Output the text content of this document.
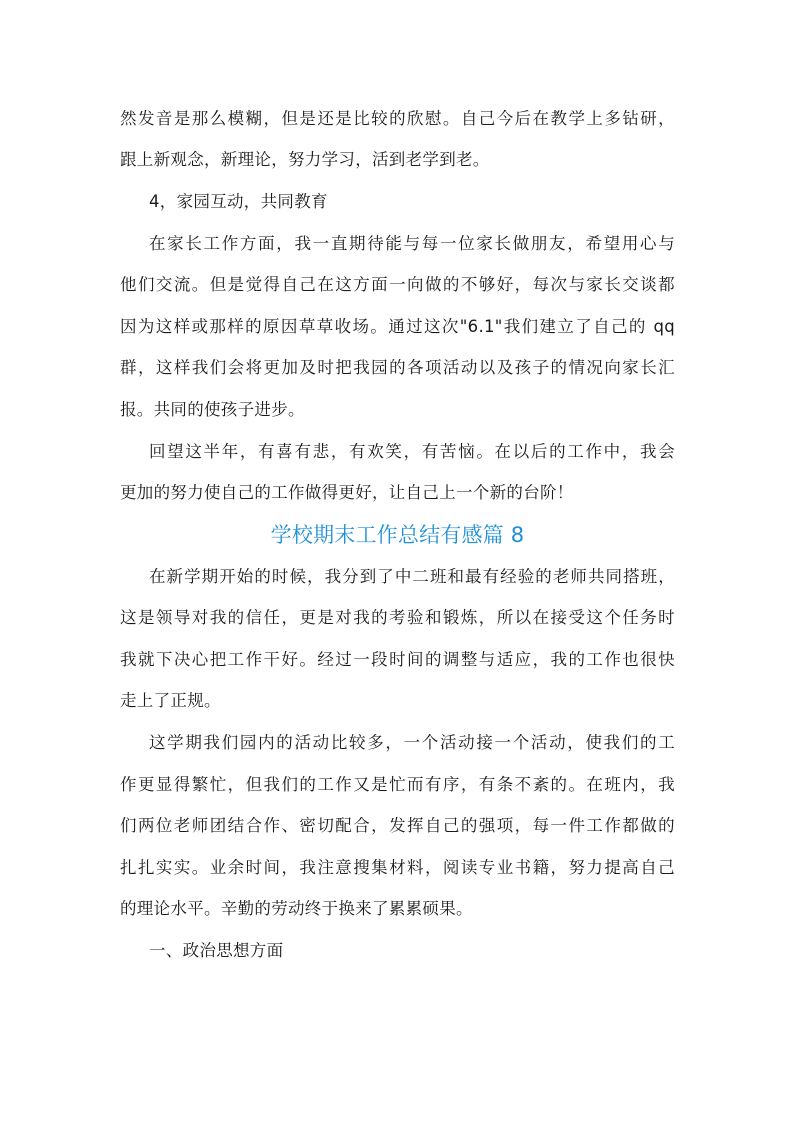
然发音是那么模糊，但是还是比较的欣慰。自己今后在教学上多钻研，
跟上新观念，新理论，努力学习，活到老学到老。
4，家园互动，共同教育
在家长工作方面，我一直期待能与每一位家长做朋友，希望用心与
他们交流。但是觉得自己在这方面一向做的不够好，每次与家长交谈都
因为这样或那样的原因草草收场。通过这次"6.1"我们建立了自己的 qq
群，这样我们会将更加及时把我园的各项活动以及孩子的情况向家长汇
报。共同的使孩子进步。
回望这半年，有喜有悲，有欢笑，有苦恼。在以后的工作中，我会
更加的努力使自己的工作做得更好，让自己上一个新的台阶！
学校期末工作总结有感篇 8
在新学期开始的时候，我分到了中二班和最有经验的老师共同搭班，
这是领导对我的信任，更是对我的考验和锻炼，所以在接受这个任务时
我就下决心把工作干好。经过一段时间的调整与适应，我的工作也很快
走上了正规。
这学期我们园内的活动比较多，一个活动接一个活动，使我们的工
作更显得繁忙，但我们的工作又是忙而有序，有条不紊的。在班内，我
们两位老师团结合作、密切配合，发挥自己的强项，每一件工作都做的
扎扎实实。业余时间，我注意搜集材料，阅读专业书籍，努力提高自己
的理论水平。辛勤的劳动终于换来了累累硕果。
一、政治思想方面
